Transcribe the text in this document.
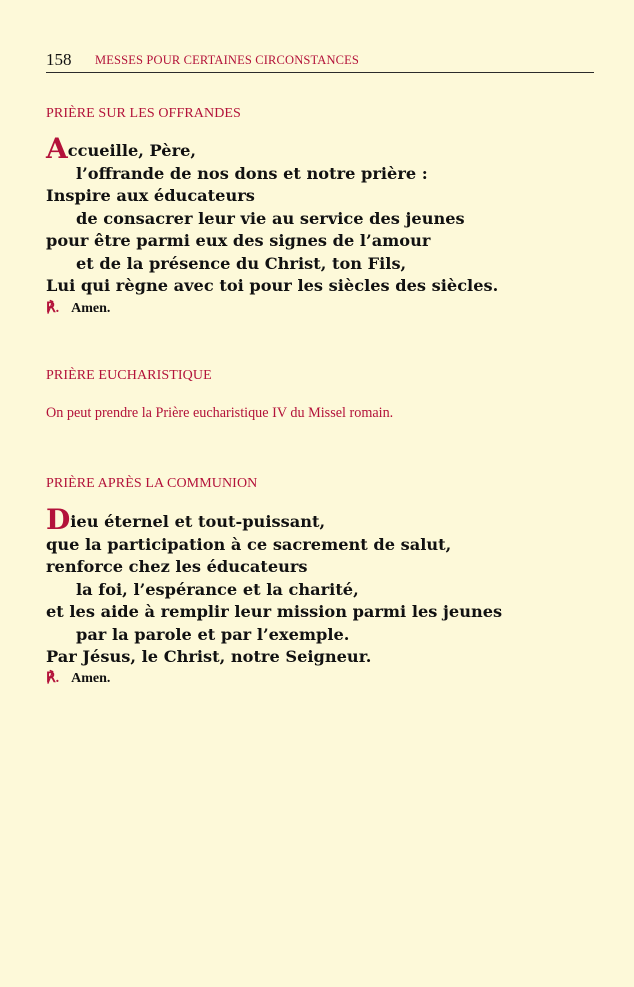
158 MESSES POUR CERTAINES CIRCONSTANCES
PRIÈRE SUR LES OFFRANDES
Accueille, Père,
l’offrande de nos dons et notre prière :
Inspire aux éducateurs
de consacrer leur vie au service des jeunes
pour être parmi eux des signes de l’amour
et de la présence du Christ, ton Fils,
Lui qui règne avec toi pour les siècles des siècles.
℟. Amen.
PRIÈRE EUCHARISTIQUE
On peut prendre la Prière eucharistique IV du Missel romain.
PRIÈRE APRÈS LA COMMUNION
Dieu éternel et tout-puissant,
que la participation à ce sacrement de salut,
renforce chez les éducateurs
la foi, l’espérance et la charité,
et les aide à remplir leur mission parmi les jeunes
par la parole et par l’exemple.
Par Jésus, le Christ, notre Seigneur.
℟. Amen.
